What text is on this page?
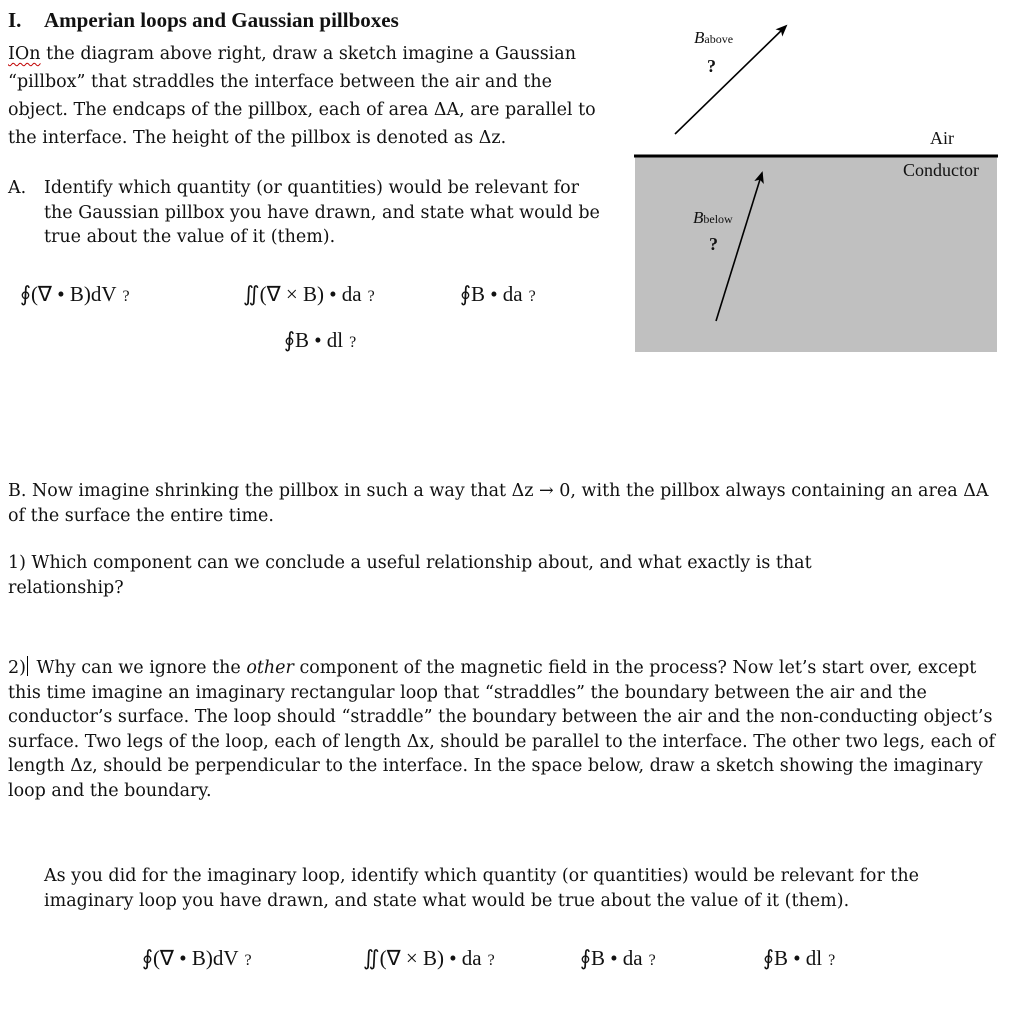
I. Amperian loops and Gaussian pillboxes
IOn the diagram above right, draw a sketch imagine a Gaussian “pillbox” that straddles the interface between the air and the object. The endcaps of the pillbox, each of area ΔA, are parallel to the interface. The height of the pillbox is denoted as Δz.
A. Identify which quantity (or quantities) would be relevant for the Gaussian pillbox you have drawn, and state what would be true about the value of it (them).
∮(∇ • B)dV ?	∬(∇ × B) • da ?	∮B • da ?
∮B • dl ?
Babove
?
Air
Conductor
Bbelow
?
B. Now imagine shrinking the pillbox in such a way that Δz → 0, with the pillbox always containing an area ΔA of the surface the entire time.
1) Which component can we conclude a useful relationship about, and what exactly is that relationship?
2) Why can we ignore the other component of the magnetic field in the process? Now let’s start over, except this time imagine an imaginary rectangular loop that “straddles” the boundary between the air and the conductor’s surface. The loop should “straddle” the boundary between the air and the non-conducting object’s surface. Two legs of the loop, each of length Δx, should be parallel to the interface. The other two legs, each of length Δz, should be perpendicular to the interface. In the space below, draw a sketch showing the imaginary loop and the boundary.
As you did for the imaginary loop, identify which quantity (or quantities) would be relevant for the imaginary loop you have drawn, and state what would be true about the value of it (them).
∮(∇ • B)dV ?	∬(∇ × B) • da ?	∮B • da ?	∮B • dl ?
